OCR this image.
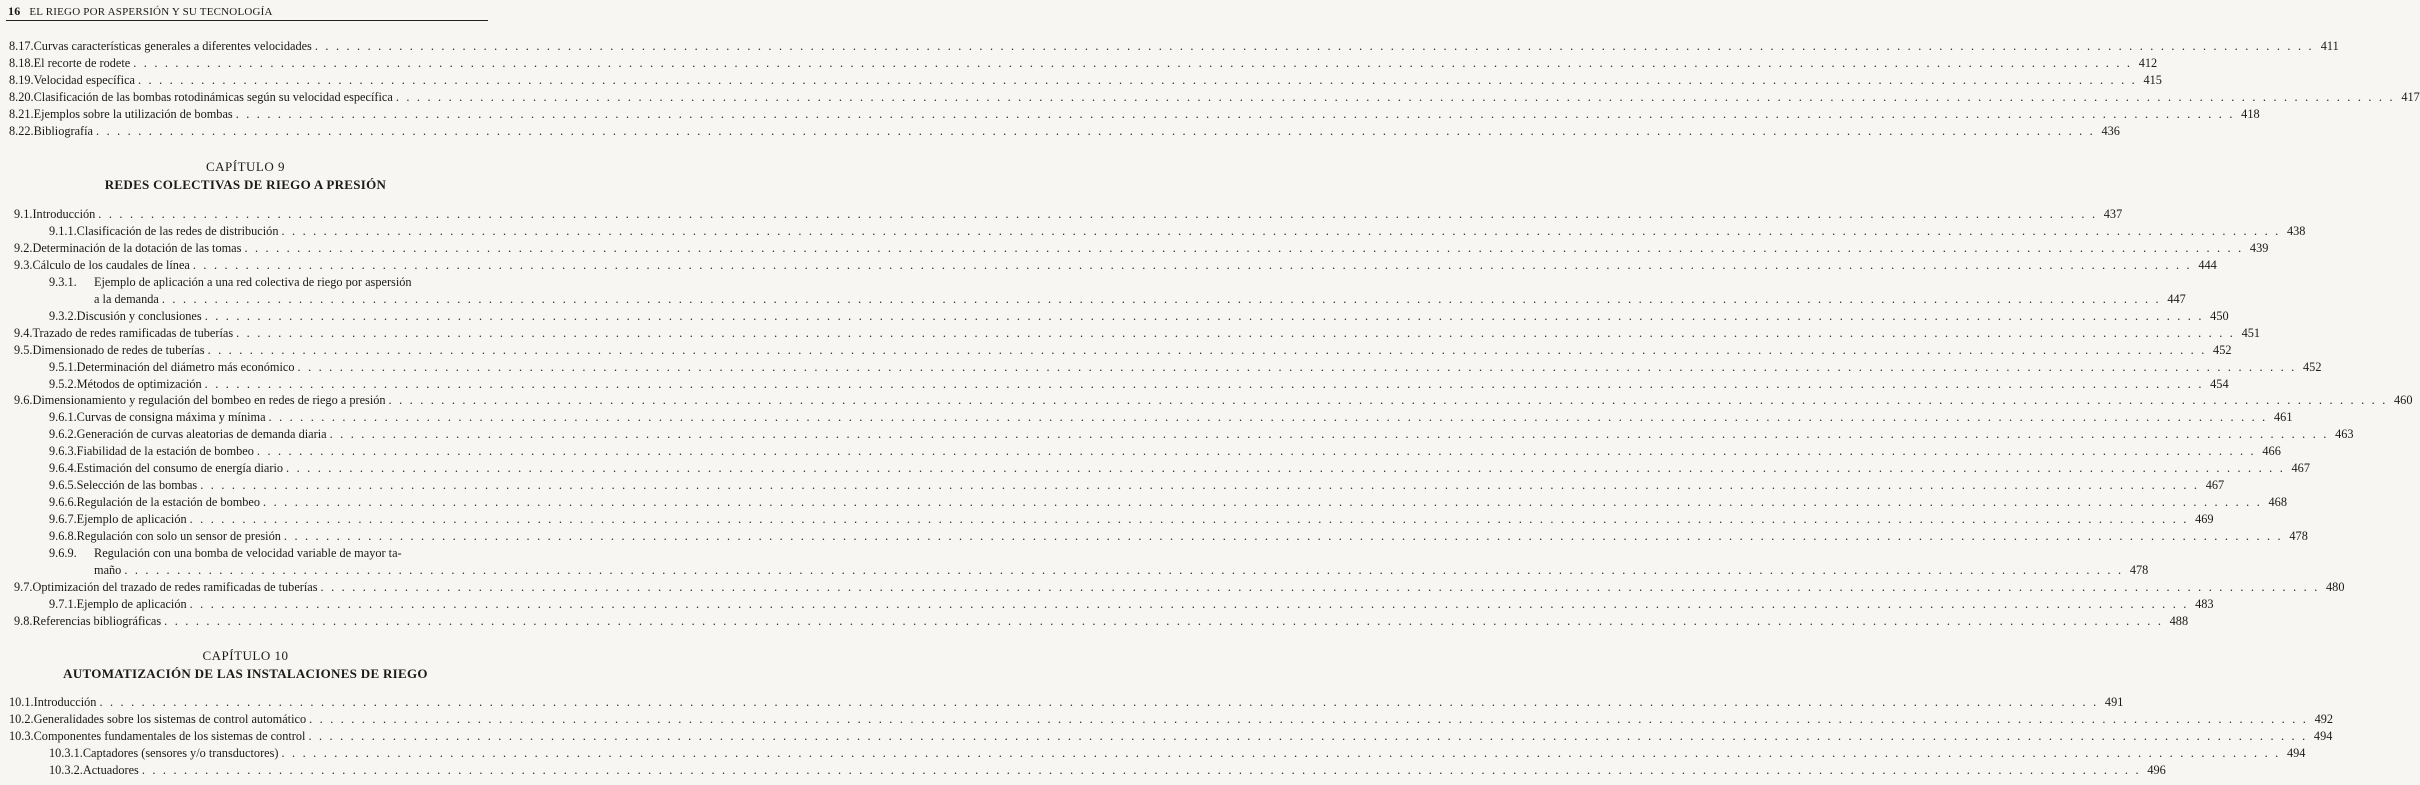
16 EL RIEGO POR ASPERSIÓN Y SU TECNOLOGÍA
8.17. Curvas características generales a diferentes velocidades . . .	411
8.18. El recorte de rodete . . .	412
8.19. Velocidad específica . . .	415
8.20. Clasificación de las bombas rotodinámicas según su velocidad específica . . .	417
8.21. Ejemplos sobre la utilización de bombas . . .	418
8.22. Bibliografía . . .	436
CAPÍTULO 9
REDES COLECTIVAS DE RIEGO A PRESIÓN
9.1. Introducción . . .	437
9.1.1. Clasificación de las redes de distribución . . .	438
9.2. Determinación de la dotación de las tomas . . .	439
9.3. Cálculo de los caudales de línea . . .	444
9.3.1. Ejemplo de aplicación a una red colectiva de riego por aspersión
a la demanda . . .	447
9.3.2. Discusión y conclusiones . . .	450
9.4. Trazado de redes ramificadas de tuberías . . .	451
9.5. Dimensionado de redes de tuberías . . .	452
9.5.1. Determinación del diámetro más económico . . .	452
9.5.2. Métodos de optimización . . .	454
9.6. Dimensionamiento y regulación del bombeo en redes de riego a presión . . .	460
9.6.1. Curvas de consigna máxima y mínima . . .	461
9.6.2. Generación de curvas aleatorias de demanda diaria . . .	463
9.6.3. Fiabilidad de la estación de bombeo . . .	466
9.6.4. Estimación del consumo de energía diario . . .	467
9.6.5. Selección de las bombas . . .	467
9.6.6. Regulación de la estación de bombeo . . .	468
9.6.7. Ejemplo de aplicación . . .	469
9.6.8. Regulación con solo un sensor de presión . . .	478
9.6.9. Regulación con una bomba de velocidad variable de mayor ta-
maño . . .	478
9.7. Optimización del trazado de redes ramificadas de tuberías . . .	480
9.7.1. Ejemplo de aplicación . . .	483
9.8. Referencias bibliográficas . . .	488
CAPÍTULO 10
AUTOMATIZACIÓN DE LAS INSTALACIONES DE RIEGO
10.1. Introducción . . .	491
10.2. Generalidades sobre los sistemas de control automático . . .	492
10.3. Componentes fundamentales de los sistemas de control . . .	494
10.3.1. Captadores (sensores y/o transductores) . . .	494
10.3.2. Actuadores . . .	496
